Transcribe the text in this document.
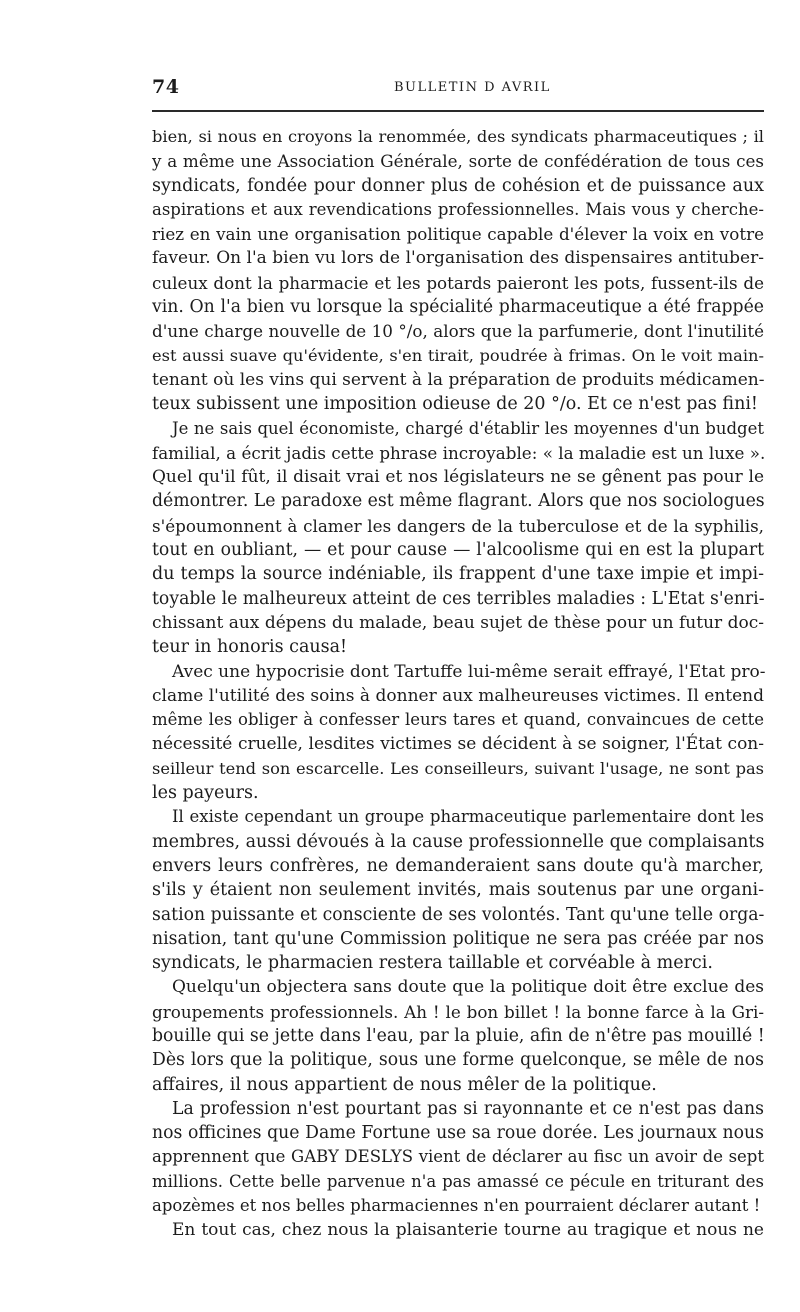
74	BULLETIN D AVRIL
bien, si nous en croyons la renommée, des syndicats pharmaceutiques ; il
y a même une Association Générale, sorte de confédération de tous ces
syndicats, fondée pour donner plus de cohésion et de puissance aux
aspirations et aux revendications professionnelles. Mais vous y cherche-
riez en vain une organisation politique capable d'élever la voix en votre
faveur. On l'a bien vu lors de l'organisation des dispensaires antituber-
culeux dont la pharmacie et les potards paieront les pots, fussent-ils de
vin. On l'a bien vu lorsque la spécialité pharmaceutique a été frappée
d'une charge nouvelle de 10 °/o, alors que la parfumerie, dont l'inutilité
est aussi suave qu'évidente, s'en tirait, poudrée à frimas. On le voit main-
tenant où les vins qui servent à la préparation de produits médicamen-
teux subissent une imposition odieuse de 20 °/o. Et ce n'est pas fini!
Je ne sais quel économiste, chargé d'établir les moyennes d'un budget
familial, a écrit jadis cette phrase incroyable: « la maladie est un luxe ».
Quel qu'il fût, il disait vrai et nos législateurs ne se gênent pas pour le
démontrer. Le paradoxe est même flagrant. Alors que nos sociologues
s'époumonnent à clamer les dangers de la tuberculose et de la syphilis,
tout en oubliant, — et pour cause — l'alcoolisme qui en est la plupart
du temps la source indéniable, ils frappent d'une taxe impie et impi-
toyable le malheureux atteint de ces terribles maladies : L'Etat s'enri-
chissant aux dépens du malade, beau sujet de thèse pour un futur doc-
teur in honoris causa!
Avec une hypocrisie dont Tartuffe lui-même serait effrayé, l'Etat pro-
clame l'utilité des soins à donner aux malheureuses victimes. Il entend
même les obliger à confesser leurs tares et quand, convaincues de cette
nécessité cruelle, lesdites victimes se décident à se soigner, l'État con-
seilleur tend son escarcelle. Les conseilleurs, suivant l'usage, ne sont pas
les payeurs.
Il existe cependant un groupe pharmaceutique parlementaire dont les
membres, aussi dévoués à la cause professionnelle que complaisants
envers leurs confrères, ne demanderaient sans doute qu'à marcher,
s'ils y étaient non seulement invités, mais soutenus par une organi-
sation puissante et consciente de ses volontés. Tant qu'une telle orga-
nisation, tant qu'une Commission politique ne sera pas créée par nos
syndicats, le pharmacien restera taillable et corvéable à merci.
Quelqu'un objectera sans doute que la politique doit être exclue des
groupements professionnels. Ah ! le bon billet ! la bonne farce à la Gri-
bouille qui se jette dans l'eau, par la pluie, afin de n'être pas mouillé !
Dès lors que la politique, sous une forme quelconque, se mêle de nos
affaires, il nous appartient de nous mêler de la politique.
La profession n'est pourtant pas si rayonnante et ce n'est pas dans
nos officines que Dame Fortune use sa roue dorée. Les journaux nous
apprennent que GABY DESLYS vient de déclarer au fisc un avoir de sept
millions. Cette belle parvenue n'a pas amassé ce pécule en triturant des
apozèmes et nos belles pharmaciennes n'en pourraient déclarer autant !
En tout cas, chez nous la plaisanterie tourne au tragique et nous ne
